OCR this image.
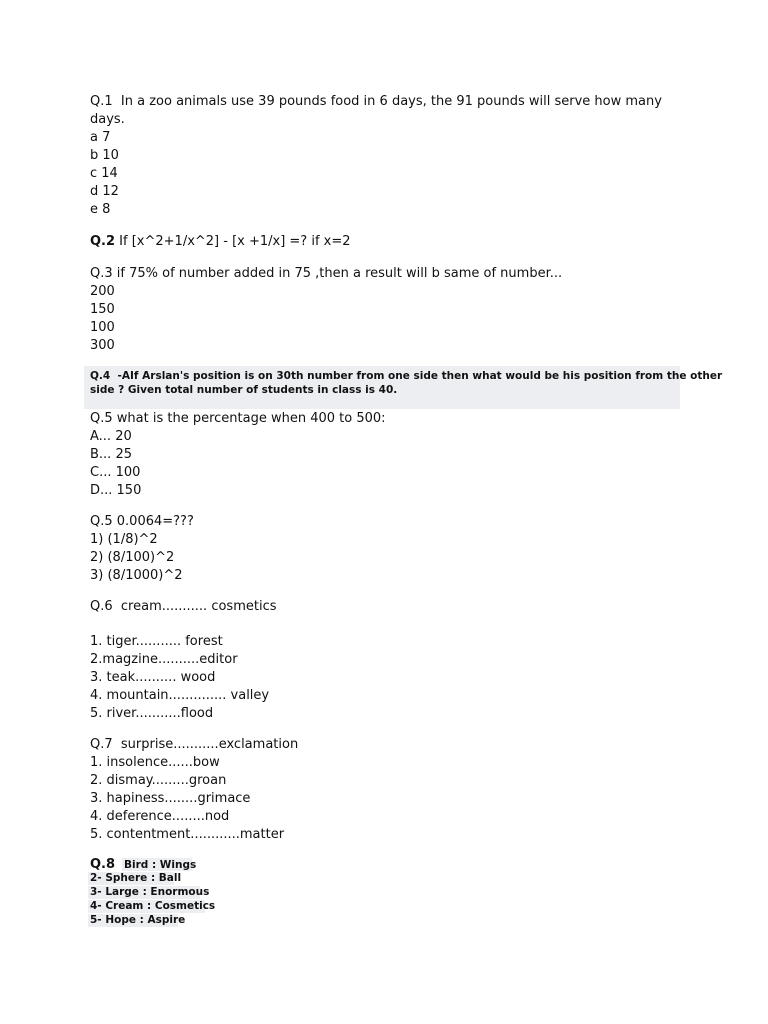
Q.1  In a zoo animals use 39 pounds food in 6 days, the 91 pounds will serve how many
days.
a 7
b 10
c 14
d 12
e 8
Q.2 If [x^2+1/x^2] - [x +1/x] =? if x=2
Q.3 if 75% of number added in 75 ,then a result will b same of number...
200
150
100
300
Q.4  -AIf Arslan's position is on 30th number from one side then what would be his position from the other
side ? Given total number of students in class is 40.
Q.5 what is the percentage when 400 to 500:
A... 20
B... 25
C... 100
D... 150
Q.5 0.0064=???
1) (1/8)^2
2) (8/100)^2
3) (8/1000)^2
Q.6  cream........... cosmetics
1. tiger........... forest
2.magzine..........editor
3. teak.......... wood
4. mountain.............. valley
5. river...........flood
Q.7  surprise...........exclamation
1. insolence......bow
2. dismay.........groan
3. hapiness........grimace
4. deference........nod
5. contentment............matter
Q.8 Bird : Wings
2- Sphere : Ball
3- Large : Enormous
4- Cream : Cosmetics
5- Hope : Aspire
